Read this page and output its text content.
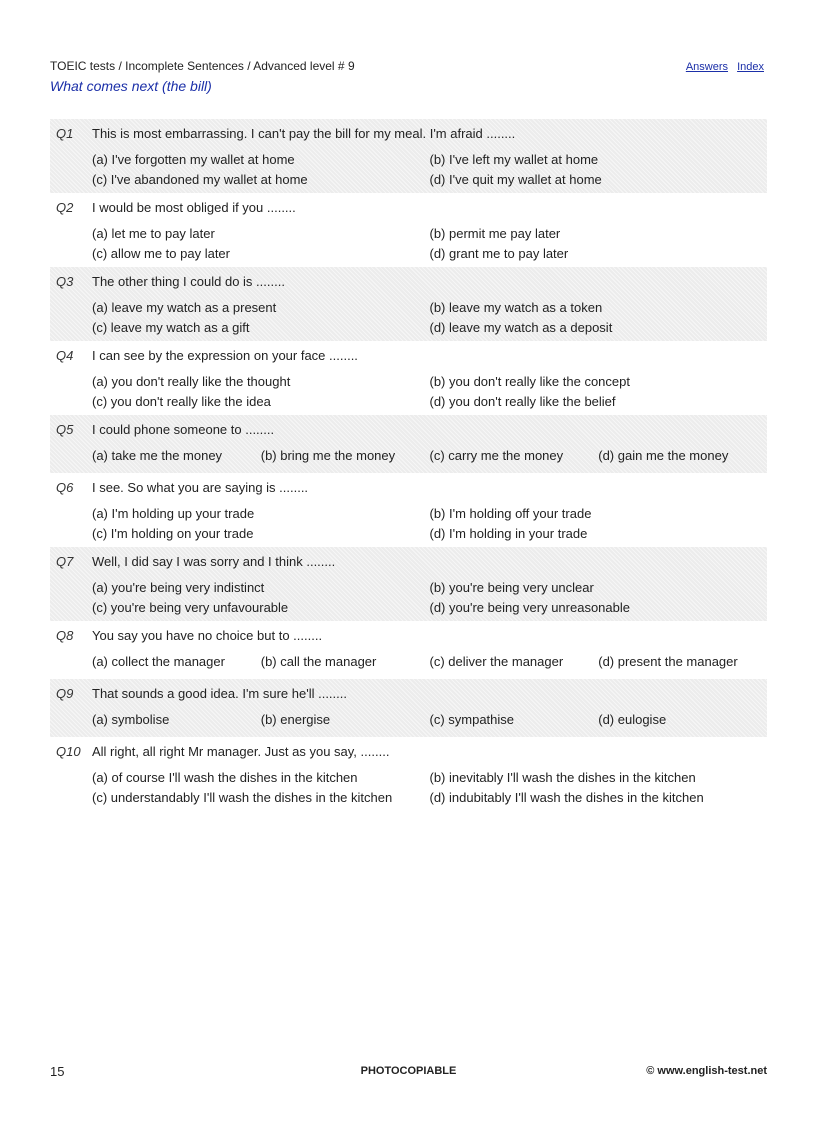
TOEIC tests / Incomplete Sentences / Advanced level # 9
What comes next (the bill)
Answers Index
Q1	This is most embarrassing. I can't pay the bill for my meal. I'm afraid ........
(a) I've forgotten my wallet at home	(b) I've left my wallet at home
(c) I've abandoned my wallet at home	(d) I've quit my wallet at home
Q2	I would be most obliged if you ........
(a) let me to pay later	(b) permit me pay later
(c) allow me to pay later	(d) grant me to pay later
Q3	The other thing I could do is ........
(a) leave my watch as a present	(b) leave my watch as a token
(c) leave my watch as a gift	(d) leave my watch as a deposit
Q4	I can see by the expression on your face ........
(a) you don't really like the thought	(b) you don't really like the concept
(c) you don't really like the idea	(d) you don't really like the belief
Q5	I could phone someone to ........
(a) take me the money	(b) bring me the money	(c) carry me the money	(d) gain me the money
Q6	I see. So what you are saying is ........
(a) I'm holding up your trade	(b) I'm holding off your trade
(c) I'm holding on your trade	(d) I'm holding in your trade
Q7	Well, I did say I was sorry and I think ........
(a) you're being very indistinct	(b) you're being very unclear
(c) you're being very unfavourable	(d) you're being very unreasonable
Q8	You say you have no choice but to ........
(a) collect the manager	(b) call the manager	(c) deliver the manager	(d) present the manager
Q9	That sounds a good idea. I'm sure he'll ........
(a) symbolise	(b) energise	(c) sympathise	(d) eulogise
Q10 All right, all right Mr manager. Just as you say, ........
(a) of course I'll wash the dishes in the kitchen	(b) inevitably I'll wash the dishes in the kitchen
(c) understandably I'll wash the dishes in the kitchen	(d) indubitably I'll wash the dishes in the kitchen
15	PHOTOCOPIABLE	© www.english-test.net
